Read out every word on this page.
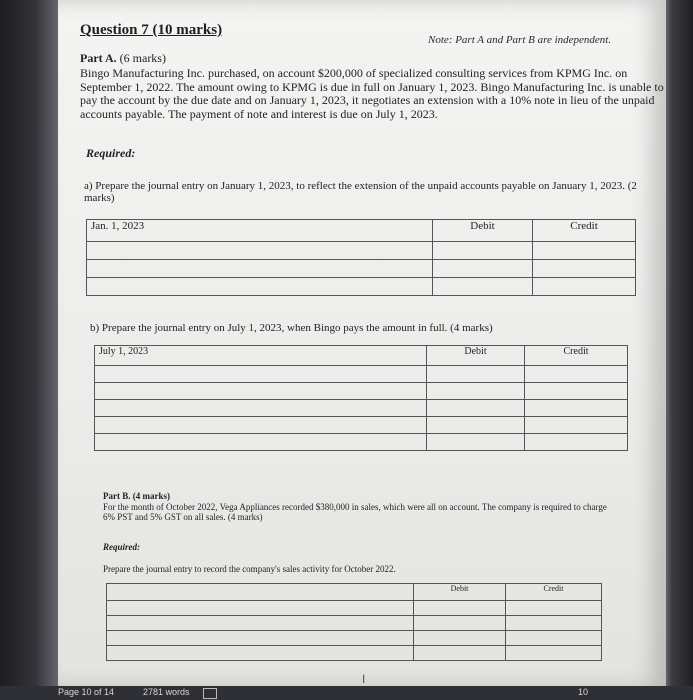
Question 7 (10 marks)
Note: Part A and Part B are independent.
Part A. (6 marks)
Bingo Manufacturing Inc. purchased, on account $200,000 of specialized consulting services from KPMG Inc. on September 1, 2022. The amount owing to KPMG is due in full on January 1, 2023. Bingo Manufacturing Inc. is unable to pay the account by the due date and on January 1, 2023, it negotiates an extension with a 10% note in lieu of the unpaid accounts payable. The payment of note and interest is due on July 1, 2023.
Required:
a) Prepare the journal entry on January 1, 2023, to reflect the extension of the unpaid accounts payable on January 1, 2023. (2 marks)
Jan. 1, 2023	Debit	Credit

b) Prepare the journal entry on July 1, 2023, when Bingo pays the amount in full. (4 marks)
July 1, 2023	Debit	Credit

Part B. (4 marks)
For the month of October 2022, Vega Appliances recorded $380,000 in sales, which were all on account. The company is required to charge 6% PST and 5% GST on all sales. (4 marks)
Required:
Prepare the journal entry to record the company's sales activity for October 2022.
	Debit	Credit

I
Page 10 of 14	2781 words	10
